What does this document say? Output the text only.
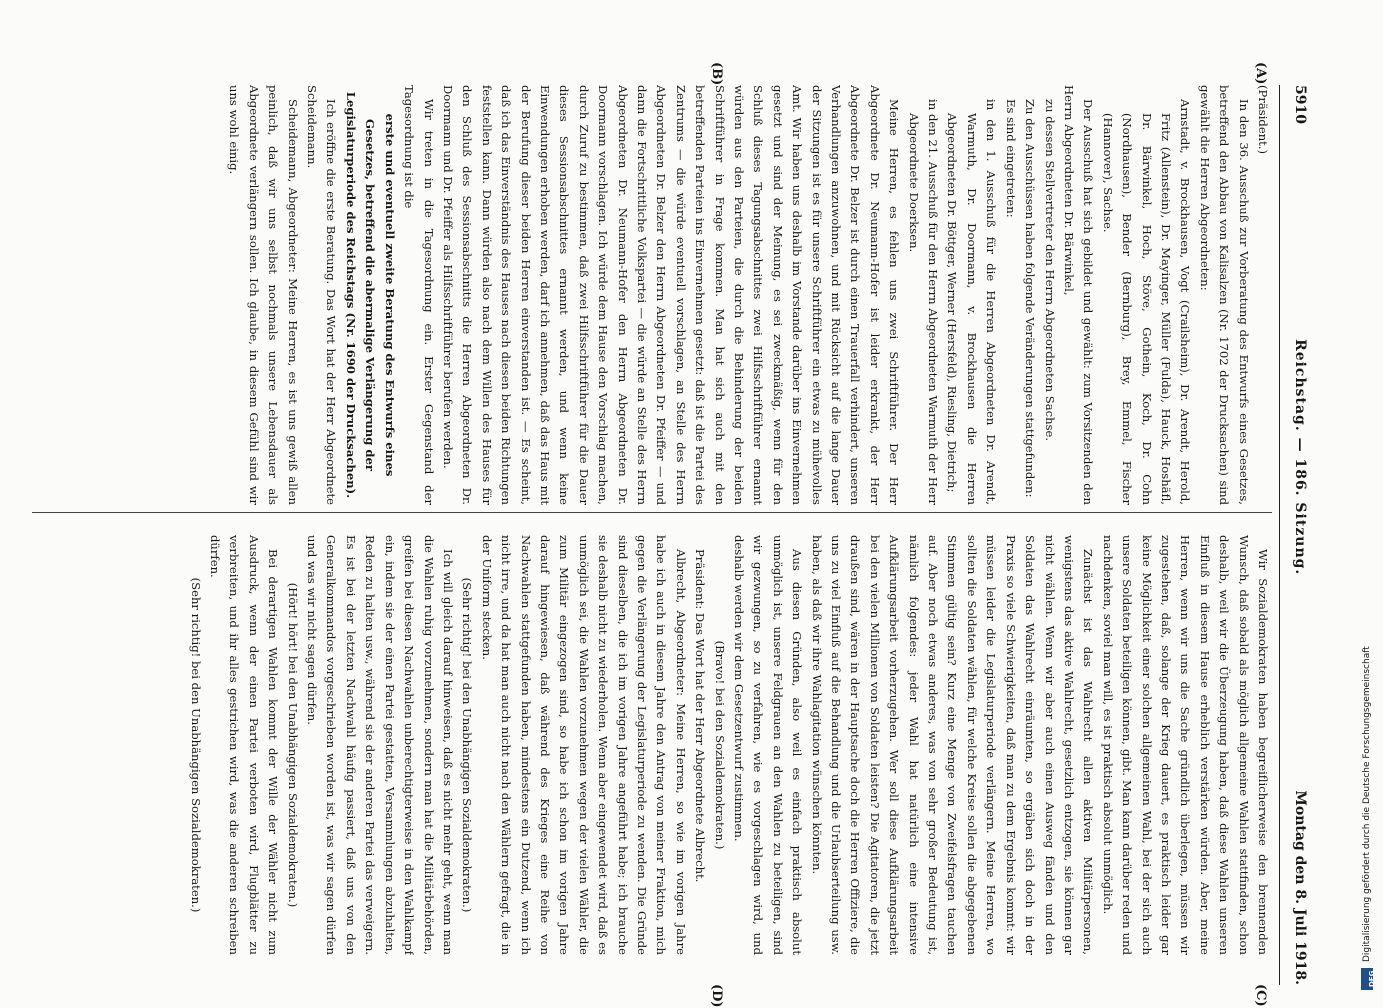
5910
Reichstag. — 186. Sitzung.
Montag den 8. Juli 1918.
(A)
(B)
(C)
(D)

(Präsident.)

In den 36. Ausschuß zur Vorberatung des Entwurfs eines Gesetzes, betreffend den Abbau von Kalisalzen (Nr. 1702 der Drucksachen) sind gewählt die Herren Abgeordneten:

Arnstadt, v. Brockhausen, Vogt (Crailsheim), Dr. Arendt, Herold, Fritz (Allenstein), Dr. Mayinger, Müller (Fulda), Hauck, Hoshäfl, Dr. Bärwinkel, Hoch, Stöve, Gothein, Koch, Dr. Cohn (Nordhausen), Bender (Bernburg), Brey, Emmel, Fischer (Hannover), Sachse.

Der Ausschuß hat sich gebildet und gewählt: zum Vorsitzenden den Herrn Abgeordneten Dr. Bärwinkel,

zu dessen Stellvertreter den Herrn Abgeordneten Sachse.

Zu den Ausschüssen haben folgende Veränderungen stattgefunden:

Es sind eingetreten:

in den 1. Ausschuß für die Herren Abgeordneten Dr. Arendt, Warmuth, Dr. Doormann, v. Brockhausen die Herren Abgeordneten Dr. Böttger, Werner (Hersfeld), Riesling, Dietrich;

in den 21. Ausschuß für den Herrn Abgeordneten Warmuth der Herr Abgeordnete Doerksen.

Meine Herren, es fehlen uns zwei Schriftführer. Der Herr Abgeordnete Dr. Neumann-Hofer ist leider erkrankt, der Herr Abgeordnete Dr. Belzer ist durch einen Trauerfall verhindert, unseren Verhandlungen anzuwohnen, und mit Rücksicht auf die lange Dauer der Sitzungen ist es für unsere Schriftführer ein etwas zu mühevolles Amt. Wir haben uns deshalb im Vorstande darüber ins Einvernehmen gesetzt und sind der Meinung, es sei zweckmäßig, wenn für den Schluß dieses Tagungsabschnittes zwei Hilfsschriftführer ernannt würden aus den Parteien, die durch die Behinderung der beiden Schriftführer in Frage kommen. Man hat sich auch mit den betreffenden Parteien ins Einvernehmen gesetzt: daß ist die Partei des Zentrums — die würde eventuell vorschlagen, an Stelle des Herrn Abgeordneten Dr. Belzer den Herrn Abgeordneten Dr. Pfeiffer — und dann die Fortschrittliche Volkspartei — die würde an Stelle des Herrn Abgeordneten Dr. Neumann-Hofer den Herrn Abgeordneten Dr. Doormann vorschlagen. Ich würde dem Hause den Vorschlag machen, durch Zuruf zu bestimmen, daß zwei Hilfsschriftführer für die Dauer dieses Sessionsabschnittes ernannt werden, und wenn keine Einwendungen erhoben werden, darf ich annehmen, daß das Haus mit der Berufung dieser beiden Herren einverstanden ist. — Es scheint, daß ich das Einverständnis des Hauses nach diesen beiden Richtungen feststellen kann. Dann würden also nach dem Willen des Hauses für den Schluß des Sessionsabschnitts die Herren Abgeordneten Dr. Doormann und Dr. Pfeiffer als Hilfsschriftführer berufen werden.

Wir treten in die Tagesordnung ein. Erster Gegenstand der Tagesordnung ist die

erste und eventuell zweite Beratung des Entwurfs eines Gesetzes, betreffend die abermalige Verlängerung der Legislaturperiode des Reichstags (Nr. 1690 der Drucksachen).

Ich eröffne die erste Beratung. Das Wort hat der Herr Abgeordnete Scheidemann.

Scheidemann, Abgeordneter: Meine Herren, es ist uns gewiß allen peinlich, daß wir uns selbst nochmals unsere Lebensdauer als Abgeordnete verlängern sollen. Ich glaube, in diesem Gefühl sind wir uns wohl einig.

Wir Sozialdemokraten haben begreiflicherweise den brennenden Wunsch, daß sobald als möglich allgemeine Wahlen stattfinden, schon deshalb, weil wir die Überzeugung haben, daß diese Wahlen unseren Einfluß in diesem Hause erheblich verstärken würden. Aber, meine Herren, wenn wir uns die Sache gründlich überlegen, müssen wir zugestehen, daß, solange der Krieg dauert, es praktisch leider gar keine Möglichkeit einer solchen allgemeinen Wahl, bei der sich auch unsere Soldaten beteiligen können, gibt. Man kann darüber reden und nachdenken, soviel man will, es ist praktisch absolut unmöglich.

Zunächst ist das Wahlrecht allen aktiven Militärpersonen, wenigstens das aktive Wahlrecht, gesetzlich entzogen, sie können gar nicht wählen. Wenn wir aber auch einen Ausweg fänden und den Soldaten das Wahlrecht einräumten, so ergäben sich doch in der Praxis so viele Schwierigkeiten, daß man zu dem Ergebnis kommt: wir müssen leider die Legislaturperiode verlängern. Meine Herren, wo sollten die Soldaten wählen, für welche Kreise sollen die abgegebenen Stimmen gültig sein? Kurz eine Menge von Zweifelsfragen tauchen auf. Aber noch etwas anderes, was von sehr großer Bedeutung ist, nämlich folgendes: jeder Wahl hat natürlich eine intensive Aufklärungsarbeit vorherzugehen. Wer soll diese Aufklärungsarbeit bei den vielen Millionen von Soldaten leisten? Die Agitatoren, die jetzt draußen sind, wären in der Hauptsache doch die Herren Offiziere, die uns zu viel Einfluß auf die Behandlung und die Urlaubserteilung usw. haben, als daß wir ihre Wahlagitation wünschen könnten.

Aus diesen Gründen, also weil es einfach praktisch absolut unmöglich ist, unsere Feldgrauen an den Wahlen zu beteiligen, sind wir gezwungen, so zu verfahren, wie es vorgeschlagen wird, und deshalb werden wir dem Gesetzentwurf zustimmen.

(Bravo! bei den Sozialdemokraten.)

Präsident: Das Wort hat der Herr Abgeordnete Albrecht.

Albrecht, Abgeordneter: Meine Herren, so wie im vorigen Jahre habe ich auch in diesem Jahre den Antrag von meiner Fraktion, mich gegen die Verlängerung der Legislaturperiode zu wenden. Die Gründe sind dieselben, die ich im vorigen Jahre angeführt habe; ich brauche sie deshalb nicht zu wiederholen. Wenn aber eingewendet wird, daß es unmöglich sei, die Wahlen vorzunehmen wegen der vielen Wähler, die zum Militär eingezogen sind, so habe ich schon im vorigen Jahre darauf hingewiesen, daß während des Krieges eine Reihe von Nachwahlen stattgefunden haben, mindestens ein Dutzend, wenn ich nicht irre, und da hat man auch nicht nach den Wählern gefragt, die in der Uniform stecken.

(Sehr richtig! bei den Unabhängigen Sozialdemokraten.)

Ich will gleich darauf hinweisen, daß es nicht mehr geht, wenn man die Wahlen ruhig vorzunehmen, sondern man hat die Militärbehörden, greifen bei diesen Nachwahlen unberechtigterweise in den Wahlkampf ein, indem sie der einen Partei gestatten, Versammlungen abzuhalten, Reden zu halten usw., während sie der anderen Partei das verweigern. Es ist bei der letzten Nachwahl häufig passiert, daß uns von den Generalkommandos vorgeschrieben worden ist, was wir sagen dürfen und was wir nicht sagen dürfen.

(Hört! hört! bei den Unabhängigen Sozialdemokraten.)

Bei derartigen Wahlen kommt der Wille der Wähler nicht zum Ausdruck, wenn der einen Partei verboten wird, Flugblätter zu verbreiten, und ihr alles gestrichen wird, was die anderen schreiben dürfen.

(Sehr richtig! bei den Unabhängigen Sozialdemokraten.)

DFG
Digitalisierung gefördert durch die Deutsche Forschungsgemeinschaft
